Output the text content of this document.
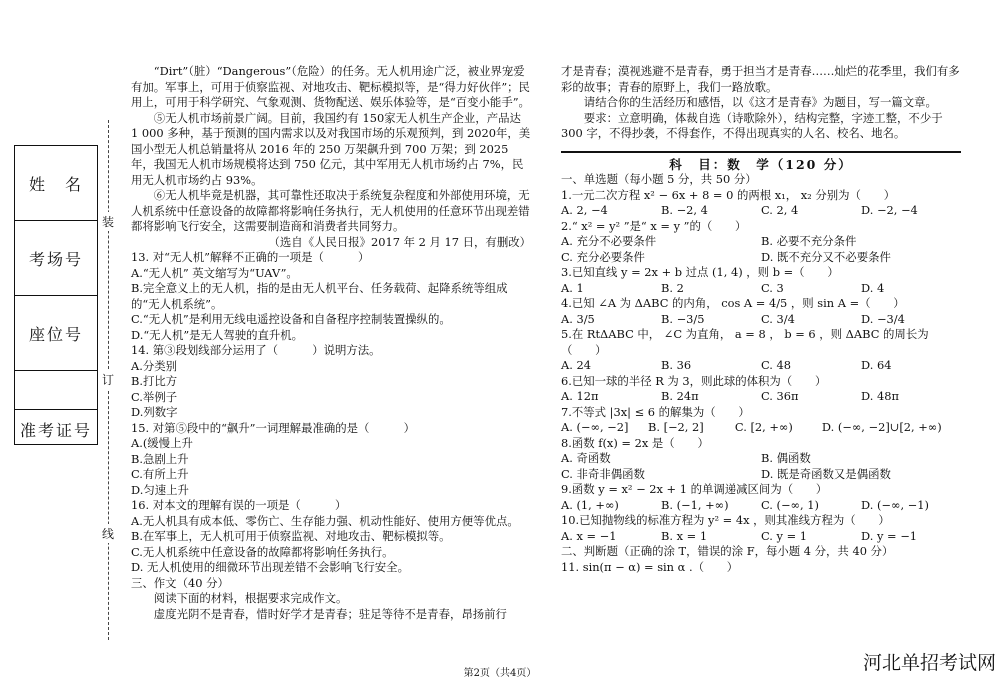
姓　名
考场号
座位号
准考证号
装
订
线

“Dirt”（脏）“Dangerous”（危险）的任务。无人机用途广泛，被业界宠爱有加。军事上，可用于侦察监视、对地攻击、靶标模拟等，是“得力好伙伴”；民用上，可用于科学研究、气象观测、货物配送、娱乐体验等，是“百变小能手”。

⑤无人机市场前景广阔。目前，我国约有 150家无人机生产企业，产品达 1 000 多种，基于预测的国内需求以及对我国市场的乐观预判，到 2020年，美国小型无人机总销量将从 2016 年的 250 万架飙升到 700 万架；到 2025年，我国无人机市场规模将达到 750 亿元，其中军用无人机市场约占 7%，民用无人机市场约占 93%。

⑥无人机毕竟是机器，其可靠性还取决于系统复杂程度和外部使用环境，无人机系统中任意设备的故障都将影响任务执行，无人机使用的任意环节出现差错都将影响飞行安全，这需要制造商和消费者共同努力。

（选自《人民日报》2017 年 2 月 17 日，有删改）

13. 对“无人机”解释不正确的一项是（　　　）

A.“无人机” 英文缩写为“UAV”。

B.完全意义上的无人机，指的是由无人机平台、任务载荷、起降系统等组成的“无人机系统”。

C.“无人机”是利用无线电遥控设备和自备程序控制装置操纵的。

D.“无人机”是无人驾驶的直升机。

14. 第③段划线部分运用了（　　　）说明方法。

A.分类别

B.打比方

C.举例子

D.列数字

15. 对第⑤段中的“飙升”一词理解最准确的是（　　　）

A.(缓慢上升

B.急剧上升

C.有所上升

D.匀速上升

16. 对本文的理解有误的一项是（　　　）

A.无人机具有成本低、零伤亡、生存能力强、机动性能好、使用方便等优点。

B.在军事上，无人机可用于侦察监视、对地攻击、靶标模拟等。

C.无人机系统中任意设备的故障都将影响任务执行。

D. 无人机使用的细微环节出现差错不会影响飞行安全。

三、作文（40 分）

阅读下面的材料，根据要求完成作文。

虚度光阴不是青春，惜时好学才是青春；驻足等待不是青春，昂扬前行

才是青春；漠视逃避不是青春，勇于担当才是青春……灿烂的花季里，我们有多彩的故事；青春的原野上，我们一路放歌。

请结合你的生活经历和感悟，以《这才是青春》为题目，写一篇文章。

要求：立意明确，体裁自选（诗歌除外），结构完整，字迹工整，不少于300 字，不得抄袭，不得套作，不得出现真实的人名、校名、地名。

科　目：数　学（120 分）

一、单选题（每小题 5 分，共 50 分）

1.一元二次方程 x² − 6x + 8 = 0 的两根 x₁， x₂ 分别为（　　）

A. 2, −4	B. −2, 4	C. 2, 4	D. −2, −4

2.“ x² = y² ”是“ x = y ”的（　　）

A. 充分不必要条件	B. 必要不充分条件
C. 充分必要条件	D. 既不充分又不必要条件

3.已知直线 y = 2x + b 过点 (1, 4) ，则 b =（　　）

A. 1	B. 2	C. 3	D. 4

4.已知 ∠A 为 ΔABC 的内角， cos A = 4/5 ，则 sin A =（　　）

A. 3/5	B. −3/5	C. 3/4	D. −3/4

5.在 RtΔABC 中， ∠C 为直角， a = 8 ， b = 6 ，则 ΔABC 的周长为（　　）

A. 24	B. 36	C. 48	D. 64

6.已知一球的半径 R 为 3，则此球的体积为（　　）

A. 12π	B. 24π	C. 36π	D. 48π

7.不等式 |3x| ≤ 6 的解集为（　　）

A. (−∞, −2]	B. [−2, 2]	C. [2, +∞)	D. (−∞, −2]∪[2, +∞)

8.函数 f(x) = 2x 是（　　）

A. 奇函数	B. 偶函数
C. 非奇非偶函数	D. 既是奇函数又是偶函数

9.函数 y = x² − 2x + 1 的单调递减区间为（　　）

A. (1, +∞)	B. (−1, +∞)	C. (−∞, 1)	D. (−∞, −1)

10.已知抛物线的标准方程为 y² = 4x ，则其准线方程为（　　）

A. x = −1	B. x = 1	C. y = 1	D. y = −1

二、判断题（正确的涂 T，错误的涂 F，每小题 4 分，共 40 分）

11. sin(π − α) = sin α .（　　）

第2页（共4页）	河北单招考试网
